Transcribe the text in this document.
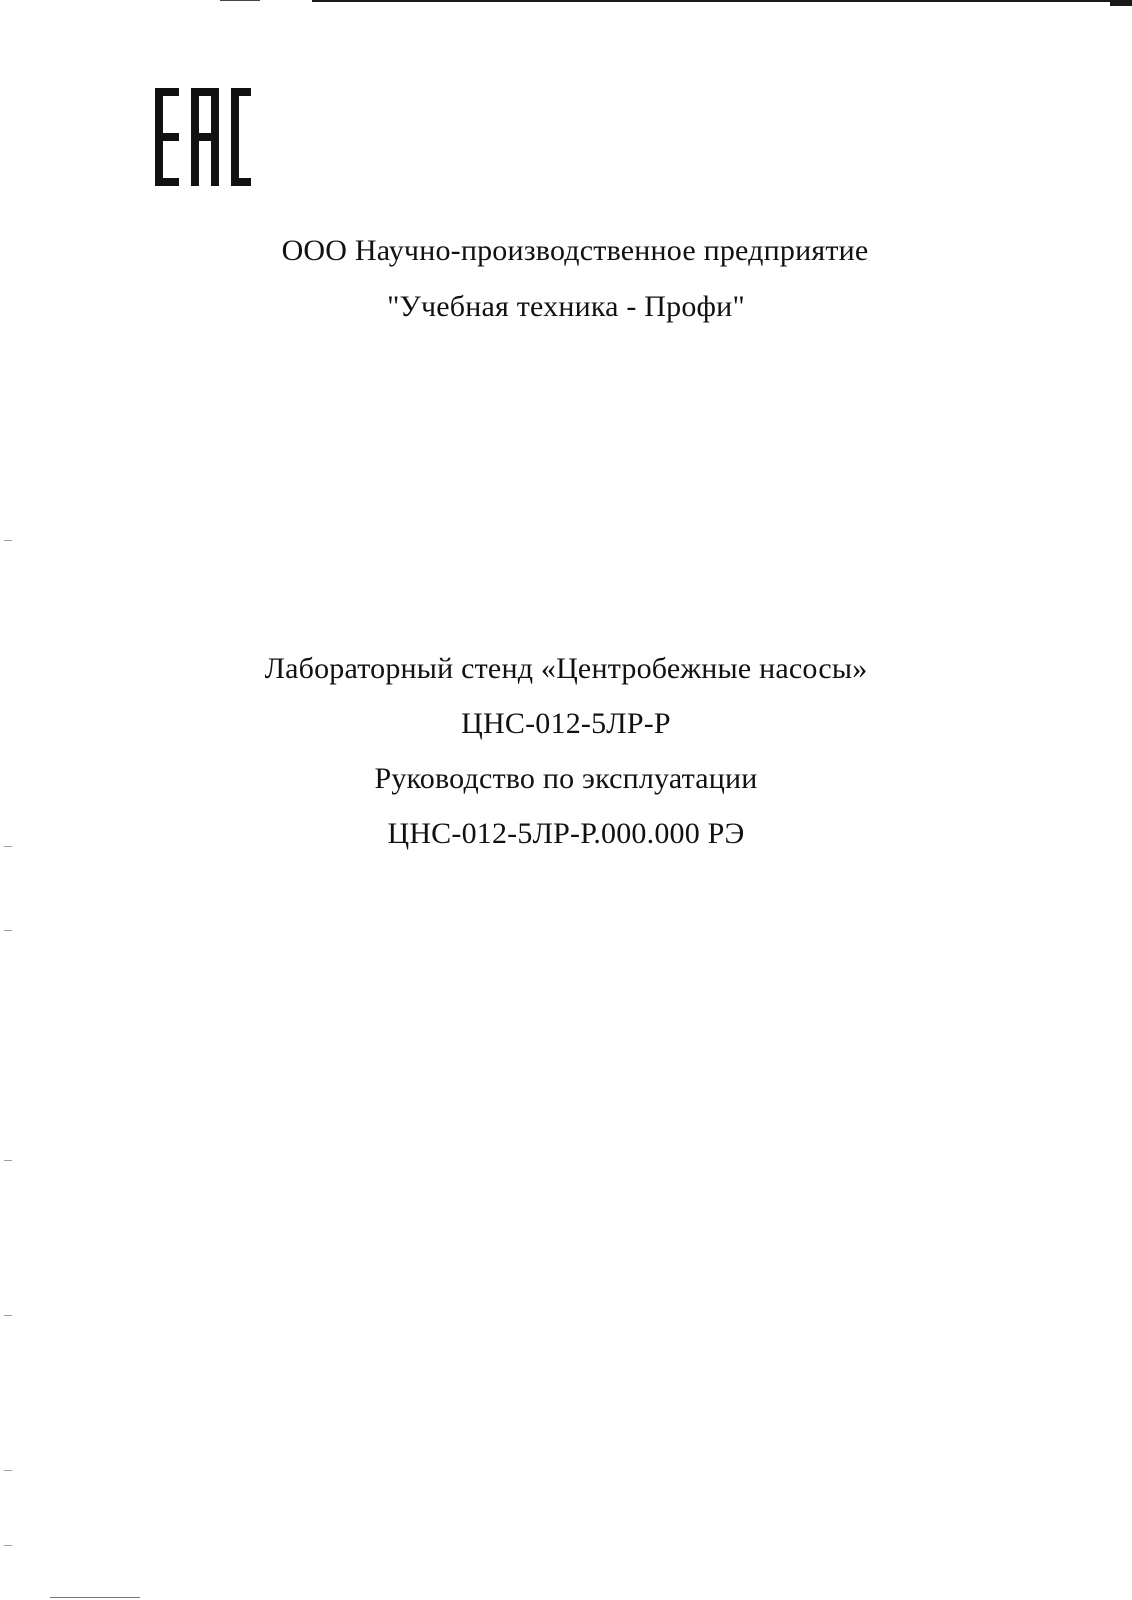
ООО Научно-производственное предприятие
"Учебная техника - Профи"
Лабораторный стенд «Центробежные насосы»
ЦНС-012-5ЛР-Р
Руководство по эксплуатации
ЦНС-012-5ЛР-Р.000.000 РЭ
